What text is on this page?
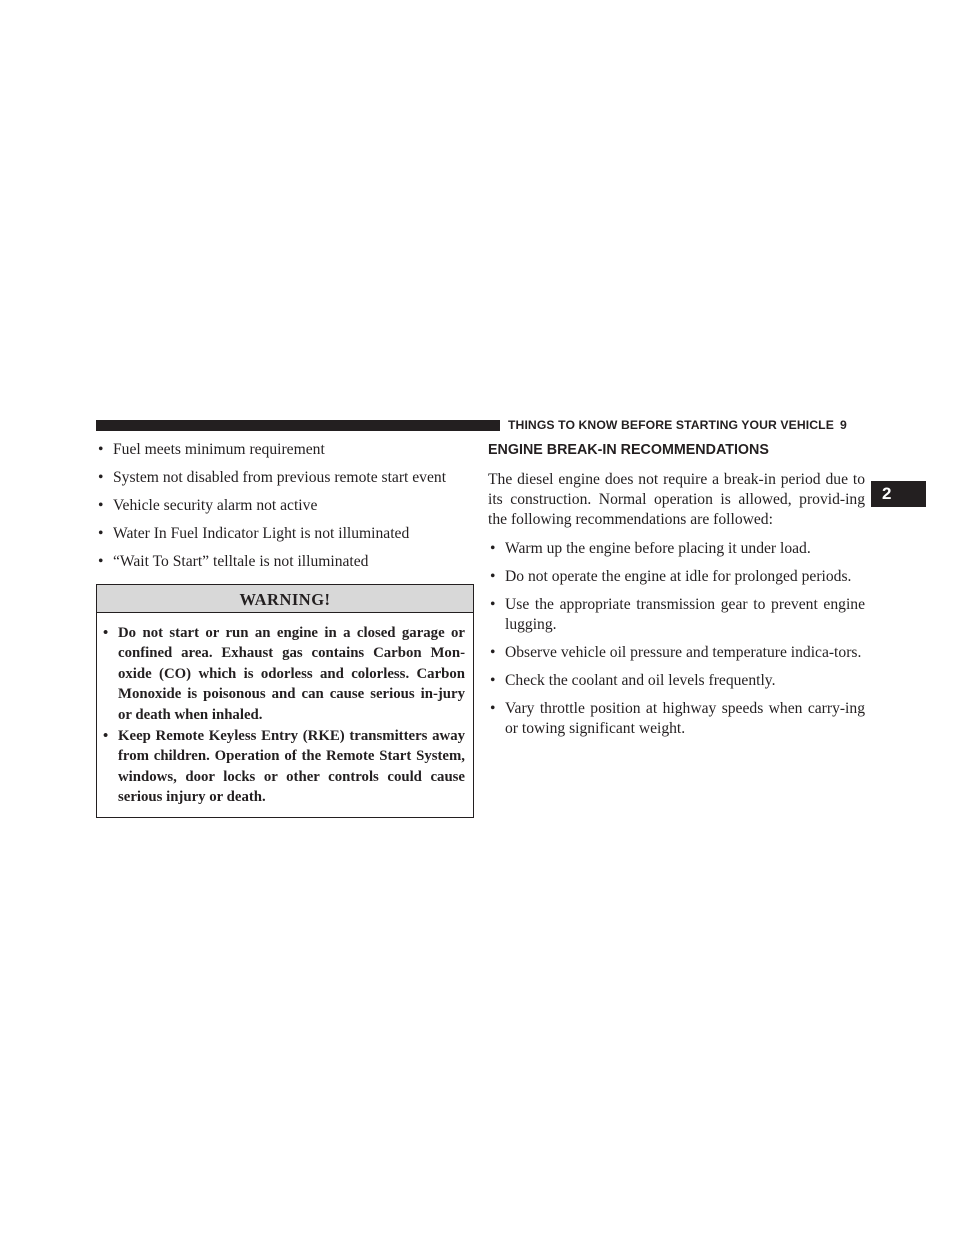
THINGS TO KNOW BEFORE STARTING YOUR VEHICLE 9
2
• Fuel meets minimum requirement
• System not disabled from previous remote start event
• Vehicle security alarm not active
• Water In Fuel Indicator Light is not illuminated
• “Wait To Start” telltale is not illuminated
WARNING!
• Do not start or run an engine in a closed garage or confined area. Exhaust gas contains Carbon Mon-oxide (CO) which is odorless and colorless. Carbon Monoxide is poisonous and can cause serious in-jury or death when inhaled.
• Keep Remote Keyless Entry (RKE) transmitters away from children. Operation of the Remote Start System, windows, door locks or other controls could cause serious injury or death.
ENGINE BREAK-IN RECOMMENDATIONS

The diesel engine does not require a break-in period due to its construction. Normal operation is allowed, provid-ing the following recommendations are followed:

• Warm up the engine before placing it under load.
• Do not operate the engine at idle for prolonged periods.
• Use the appropriate transmission gear to prevent engine lugging.
• Observe vehicle oil pressure and temperature indica-tors.
• Check the coolant and oil levels frequently.
• Vary throttle position at highway speeds when carry-ing or towing significant weight.
